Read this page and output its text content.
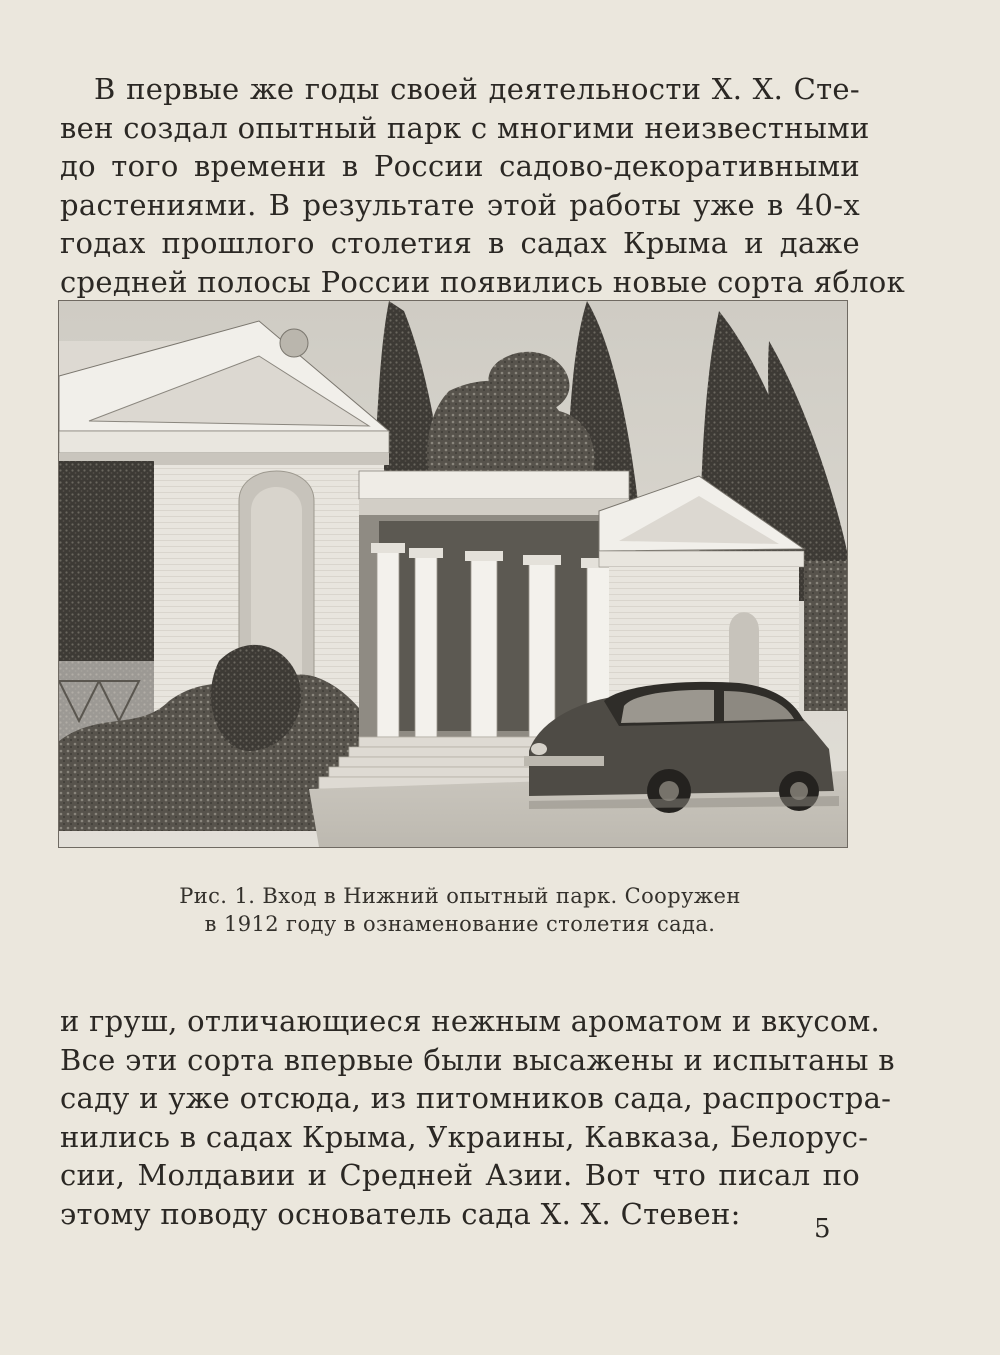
В первые же годы своей деятельности Х. Х. Сте-
вен создал опытный парк с многими неизвестными
до того времени в России садово-декоративными
растениями. В результате этой работы уже в 40-х
годах прошлого столетия в садах Крыма и даже
средней полосы России появились новые сорта яблок

Рис. 1. Вход в Нижний опытный парк. Сооружен
в 1912 году в ознаменование столетия сада.

и груш, отличающиеся нежным ароматом и вкусом.
Все эти сорта впервые были высажены и испытаны в
саду и уже отсюда, из питомников сада, распростра-
нились в садах Крыма, Украины, Кавказа, Белорус-
сии, Молдавии и Средней Азии. Вот что писал по
этому поводу основатель сада Х. Х. Стевен:	5
